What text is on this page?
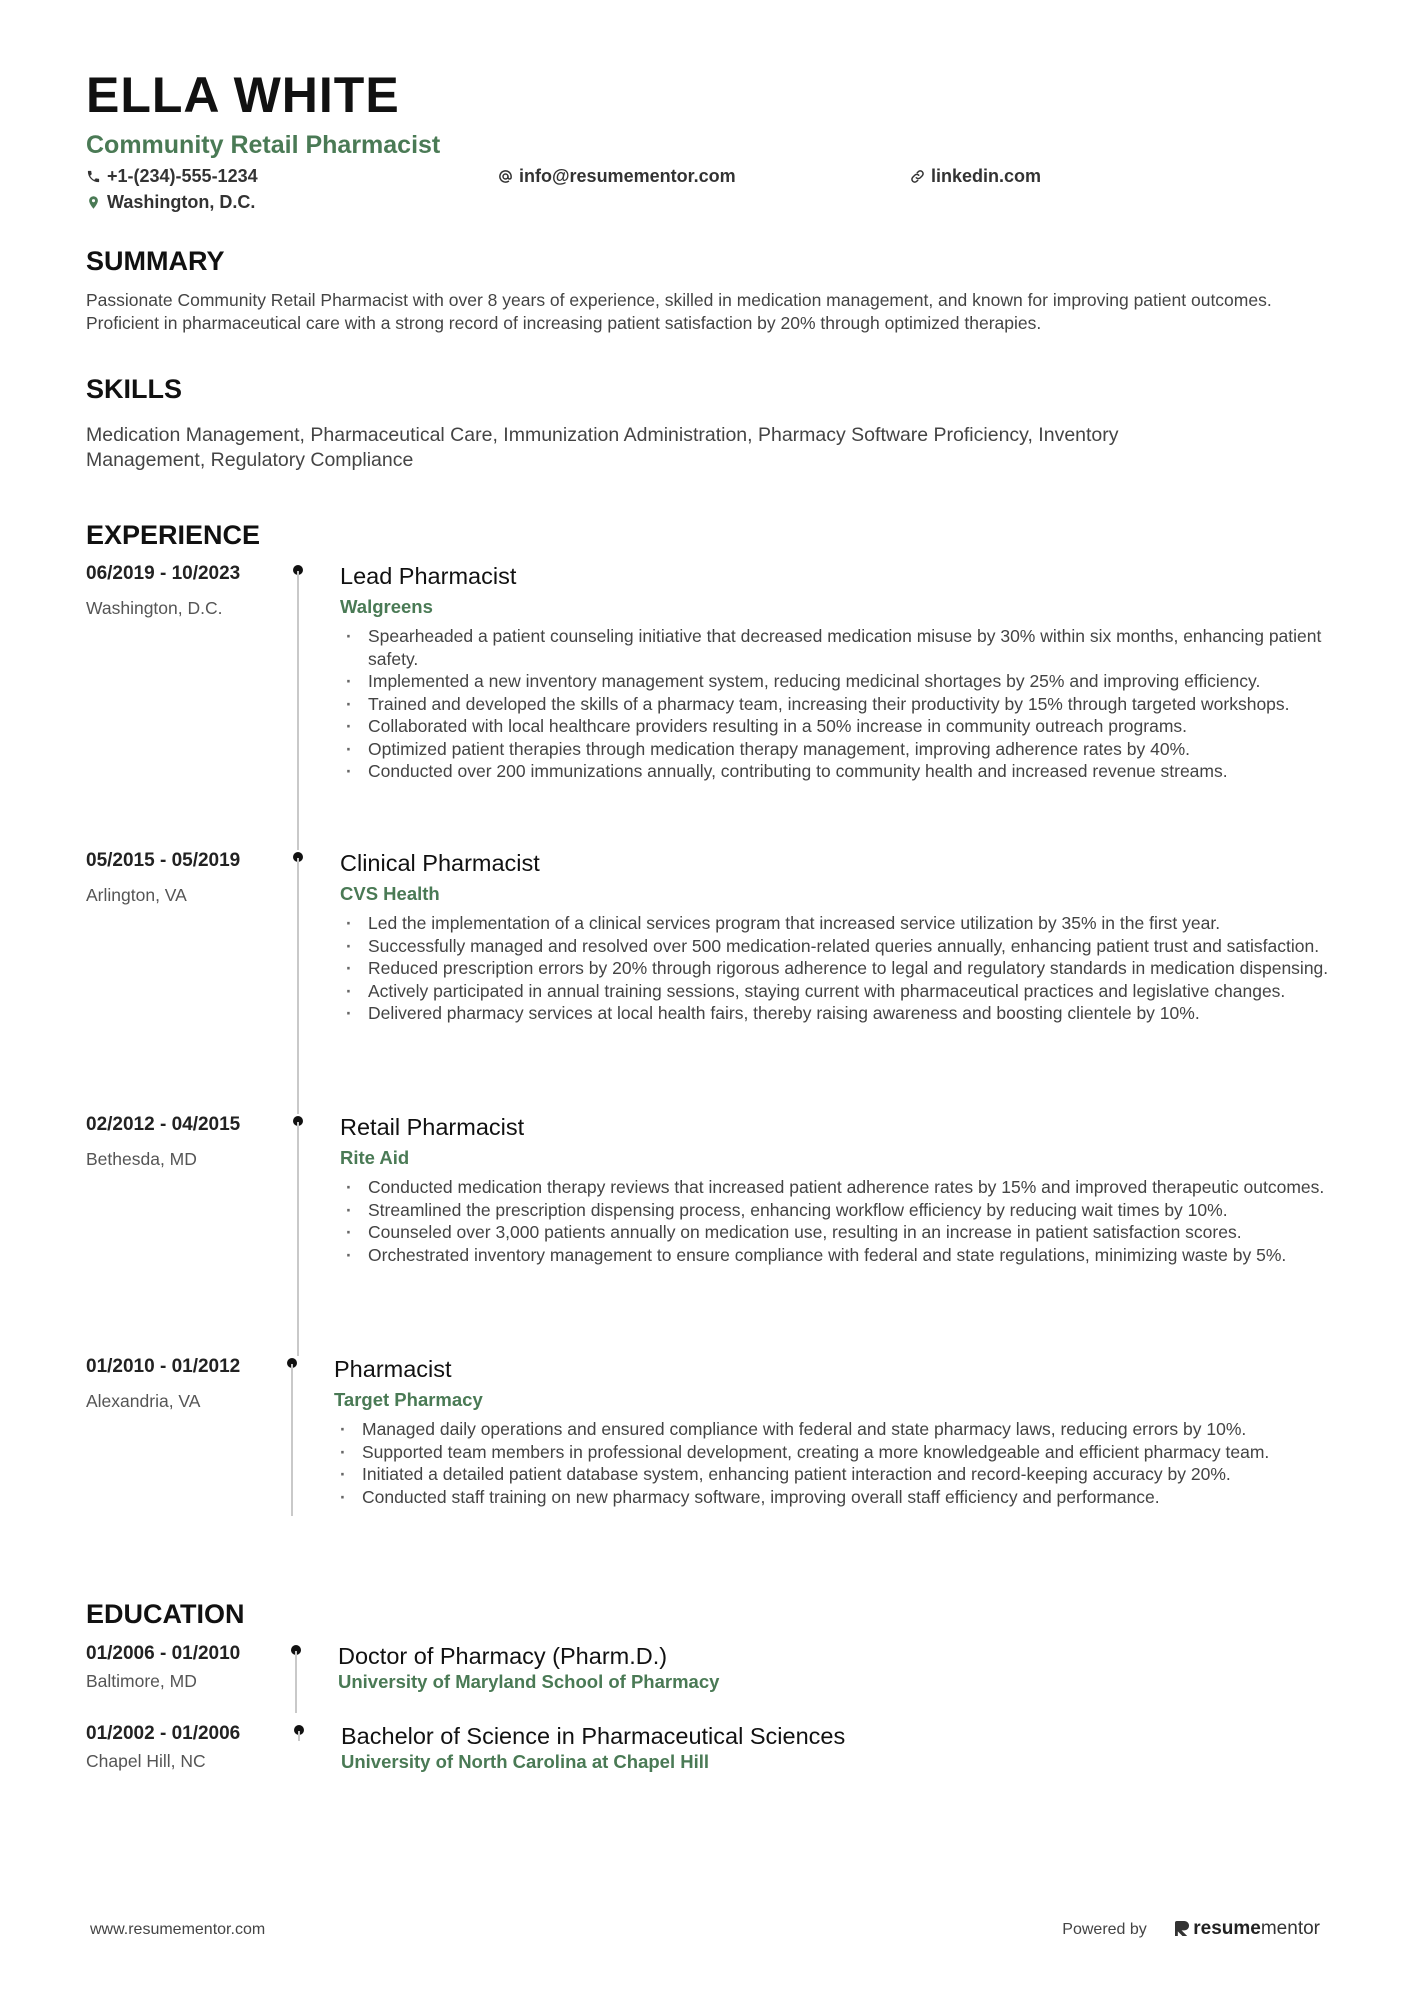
ELLA WHITE
Community Retail Pharmacist
+1-(234)-555-1234	info@resumementor.com	linkedin.com
Washington, D.C.
SUMMARY
Passionate Community Retail Pharmacist with over 8 years of experience, skilled in medication management, and known for improving patient outcomes. Proficient in pharmaceutical care with a strong record of increasing patient satisfaction by 20% through optimized therapies.
SKILLS
Medication Management, Pharmaceutical Care, Immunization Administration, Pharmacy Software Proficiency, Inventory Management, Regulatory Compliance
EXPERIENCE
06/2019 - 10/2023
Washington, D.C.
Lead Pharmacist
Walgreens
· Spearheaded a patient counseling initiative that decreased medication misuse by 30% within six months, enhancing patient safety.
· Implemented a new inventory management system, reducing medicinal shortages by 25% and improving efficiency.
· Trained and developed the skills of a pharmacy team, increasing their productivity by 15% through targeted workshops.
· Collaborated with local healthcare providers resulting in a 50% increase in community outreach programs.
· Optimized patient therapies through medication therapy management, improving adherence rates by 40%.
· Conducted over 200 immunizations annually, contributing to community health and increased revenue streams.
05/2015 - 05/2019
Arlington, VA
Clinical Pharmacist
CVS Health
· Led the implementation of a clinical services program that increased service utilization by 35% in the first year.
· Successfully managed and resolved over 500 medication-related queries annually, enhancing patient trust and satisfaction.
· Reduced prescription errors by 20% through rigorous adherence to legal and regulatory standards in medication dispensing.
· Actively participated in annual training sessions, staying current with pharmaceutical practices and legislative changes.
· Delivered pharmacy services at local health fairs, thereby raising awareness and boosting clientele by 10%.
02/2012 - 04/2015
Bethesda, MD
Retail Pharmacist
Rite Aid
· Conducted medication therapy reviews that increased patient adherence rates by 15% and improved therapeutic outcomes.
· Streamlined the prescription dispensing process, enhancing workflow efficiency by reducing wait times by 10%.
· Counseled over 3,000 patients annually on medication use, resulting in an increase in patient satisfaction scores.
· Orchestrated inventory management to ensure compliance with federal and state regulations, minimizing waste by 5%.
01/2010 - 01/2012
Alexandria, VA
Pharmacist
Target Pharmacy
· Managed daily operations and ensured compliance with federal and state pharmacy laws, reducing errors by 10%.
· Supported team members in professional development, creating a more knowledgeable and efficient pharmacy team.
· Initiated a detailed patient database system, enhancing patient interaction and record-keeping accuracy by 20%.
· Conducted staff training on new pharmacy software, improving overall staff efficiency and performance.
EDUCATION
01/2006 - 01/2010
Baltimore, MD
Doctor of Pharmacy (Pharm.D.)
University of Maryland School of Pharmacy
01/2002 - 01/2006
Chapel Hill, NC
Bachelor of Science in Pharmaceutical Sciences
University of North Carolina at Chapel Hill
www.resumementor.com	Powered by resumementor
